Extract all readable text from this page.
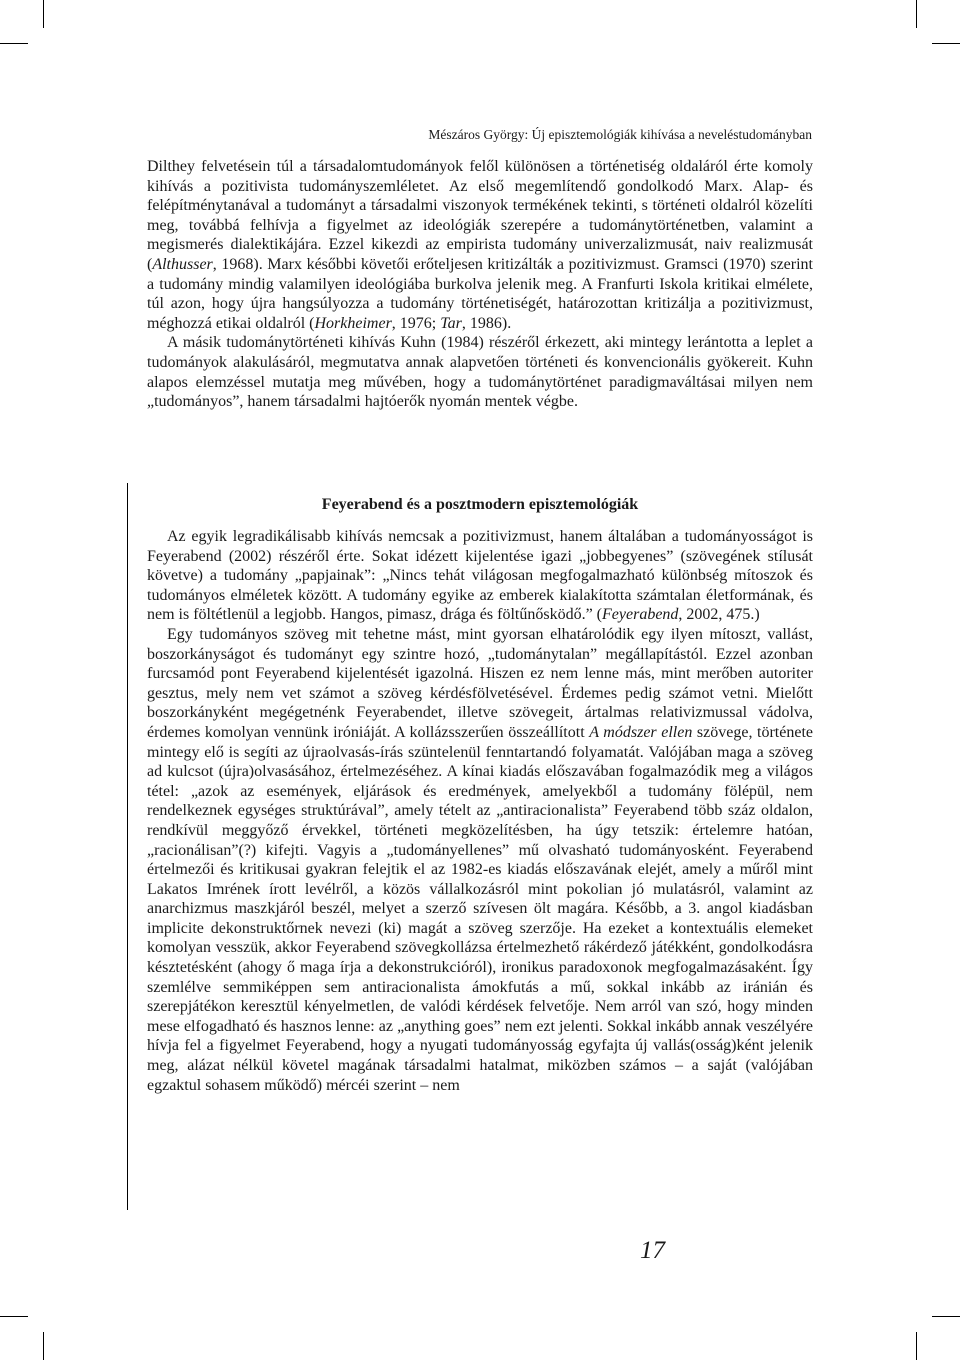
Mészáros György: Új episztemológiák kihívása a neveléstudományban

Dilthey felvetésein túl a társadalomtudományok felől különösen a történetiség oldaláról érte komoly kihívás a pozitivista tudományszemléletet. Az első megemlítendő gondolkodó Marx. Alap- és felépítménytanával a tudományt a társadalmi viszonyok termékének tekinti, s történeti oldalról közelíti meg, továbbá felhívja a figyelmet az ideológiák szerepére a tudománytörténetben, valamint a megismerés dialektikájára. Ezzel kikezdi az empirista tudomány univerzalizmusát, naiv realizmusát (Althusser, 1968). Marx későbbi követői erőteljesen kritizálták a pozitivizmust. Gramsci (1970) szerint a tudomány mindig valamilyen ideológiába burkolva jelenik meg. A Franfurti Iskola kritikai elmélete, túl azon, hogy újra hangsúlyozza a tudomány történetiségét, határozottan kritizálja a pozitivizmust, méghozzá etikai oldalról (Horkheimer, 1976; Tar, 1986).

A másik tudománytörténeti kihívás Kuhn (1984) részéről érkezett, aki mintegy lerántotta a leplet a tudományok alakulásáról, megmutatva annak alapvetően történeti és konvencionális gyökereit. Kuhn alapos elemzéssel mutatja meg művében, hogy a tudománytörténet paradigmaváltásai milyen nem „tudományos”, hanem társadalmi hajtóerők nyomán mentek végbe.

Feyerabend és a posztmodern episztemológiák

Az egyik legradikálisabb kihívás nemcsak a pozitivizmust, hanem általában a tudományosságot is Feyerabend (2002) részéről érte. Sokat idézett kijelentése igazi „jobbegyenes” (szövegének stílusát követve) a tudomány „papjainak”: „Nincs tehát világosan megfogalmazható különbség mítoszok és tudományos elméletek között. A tudomány egyike az emberek kialakította számtalan életformának, és nem is föltétlenül a legjobb. Hangos, pimasz, drága és föltűnősködő.” (Feyerabend, 2002, 475.)

Egy tudományos szöveg mit tehetne mást, mint gyorsan elhatárolódik egy ilyen mítoszt, vallást, boszorkányságot és tudományt egy szintre hozó, „tudománytalan” megállapítástól. Ezzel azonban furcsamód pont Feyerabend kijelentését igazolná. Hiszen ez nem lenne más, mint merőben autoriter gesztus, mely nem vet számot a szöveg kérdésfölvetésével. Érdemes pedig számot vetni. Mielőtt boszorkányként megégetnénk Feyerabendet, illetve szövegeit, ártalmas relativizmussal vádolva, érdemes komolyan vennünk iróniáját. A kollázsszerűen összeállított A módszer ellen szövege, története mintegy elő is segíti az újraolvasás-írás szüntelenül fenntartandó folyamatát. Valójában maga a szöveg ad kulcsot (újra)olvasásához, értelmezéséhez. A kínai kiadás előszavában fogalmazódik meg a világos tétel: „azok az események, eljárások és eredmények, amelyekből a tudomány fölépül, nem rendelkeznek egységes struktúrával”, amely tételt az „antiracionalista” Feyerabend több száz oldalon, rendkívül meggyőző érvekkel, történeti megközelítésben, ha úgy tetszik: értelemre hatóan, „racionálisan”(?) kifejti. Vagyis a „tudományellenes” mű olvasható tudományosként. Feyerabend értelmezői és kritikusai gyakran felejtik el az 1982-es kiadás előszavának elejét, amely a műről mint Lakatos Imrének írott levélről, a közös vállalkozásról mint pokolian jó mulatásról, valamint az anarchizmus maszkjáról beszél, melyet a szerző szívesen ölt magára. Később, a 3. angol kiadásban implicite dekonstruktőrnek nevezi (ki) magát a szöveg szerzője. Ha ezeket a kontextuális elemeket komolyan vesszük, akkor Feyerabend szövegkollázsa értelmezhető rákérdező játékként, gondolkodásra késztetésként (ahogy ő maga írja a dekonstrukcióról), ironikus paradoxonok megfogalmazásaként. Így szemlélve semmiképpen sem antiracionalista ámokfutás a mű, sokkal inkább az iránián és szerepjátékon keresztül kényelmetlen, de valódi kérdések felvetője. Nem arról van szó, hogy minden mese elfogadható és hasznos lenne: az „anything goes” nem ezt jelenti. Sokkal inkább annak veszélyére hívja fel a figyelmet Feyerabend, hogy a nyugati tudományosság egyfajta új vallás(osság)ként jelenik meg, alázat nélkül követel magának társadalmi hatalmat, miközben számos – a saját (valójában egzaktul sohasem működő) mércéi szerint – nem

17
